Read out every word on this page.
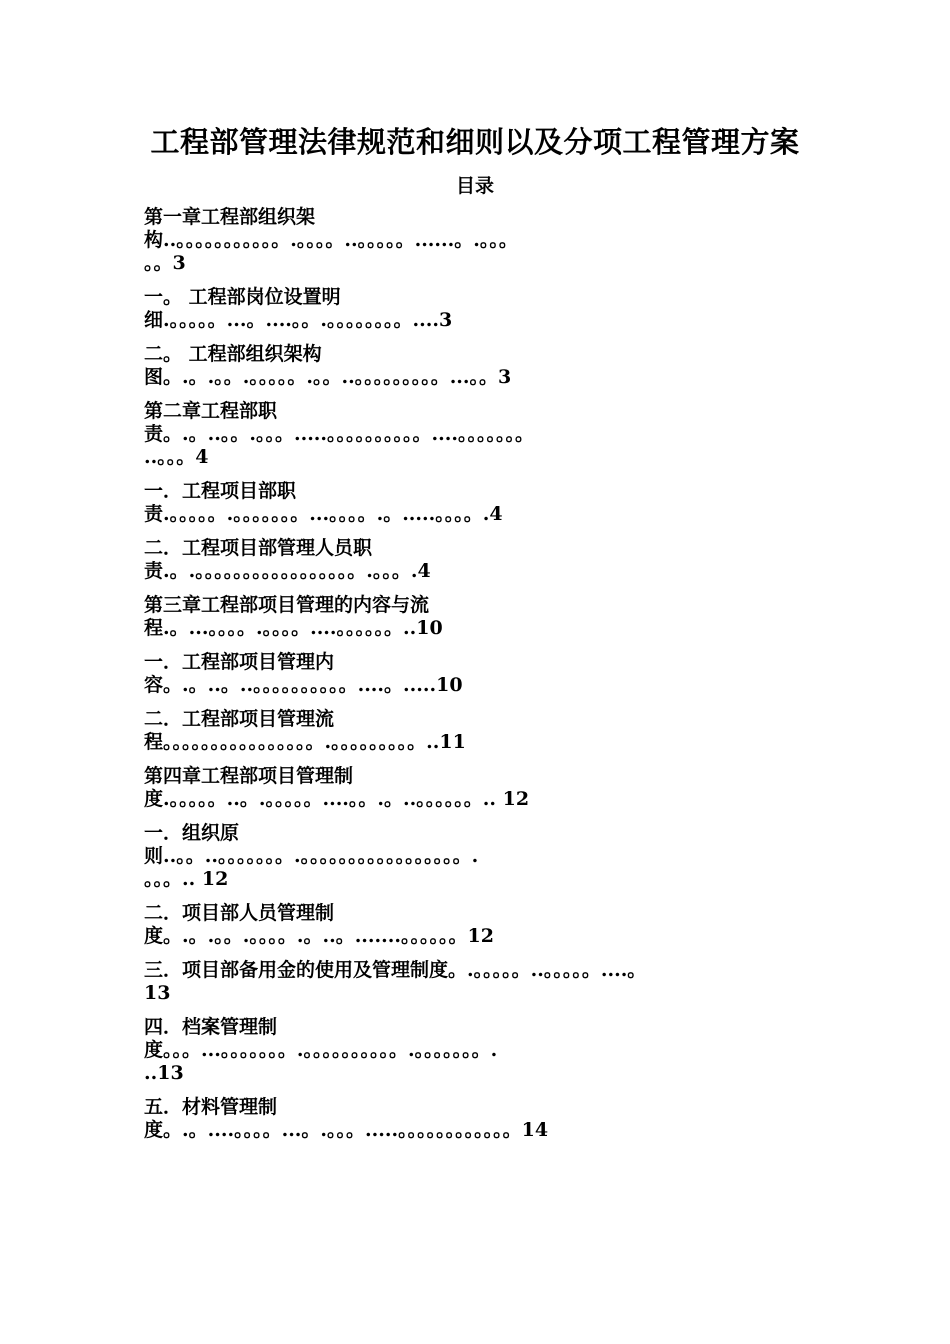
工程部管理法律规范和细则以及分项工程管理方案
目录
第一章工程部组织架
构..。。。。。。。。。。。.。。。。..。。。。。......。.。。。
。。3
一。 工程部岗位设置明
细.。。。。。...。....。。.。。。。。。。。....3
二。 工程部组织架构
图。.。.。。.。。。。。.。。..。。。。。。。。。...。。3
第二章工程部职
责。.。..。。.。。。.....。。。。。。。。。。....。。。。。。。
..。。。4
一．工程项目部职
责.。。。。。.。。。。。。。...。。。。.。.....。。。。.4
二．工程项目部管理人员职
责.。.。。。。。。。。。。。。。。。。。.。。。.4
第三章工程部项目管理的内容与流
程.。...。。。。.。。。。....。。。。。。..10
一．工程部项目管理内
容。.。..。..。。。。。。。。。。....。.....10
二．工程部项目管理流
程。。。。。。。。。。。。。。。。.。。。。。。。。。..11
第四章工程部项目管理制
度.。。。。。..。.。。。。。....。。.。..。。。。。。.. 12
一．组织原
则..。。..。。。。。。。.。。。。。。。。。。。。。。。。。.
。。。.. 12
二．项目部人员管理制
度。.。.。。.。。。。.。..。.......。。。。。。12
三．项目部备用金的使用及管理制度。.。。。。。..。。。。。....。
13
四．档案管理制
度。。。...。。。。。。。.。。。。。。。。。。.。。。。。。。.
..13
五．材料管理制
度。.。....。。。。...。.。。。.....。。。。。。。。。。。。14
